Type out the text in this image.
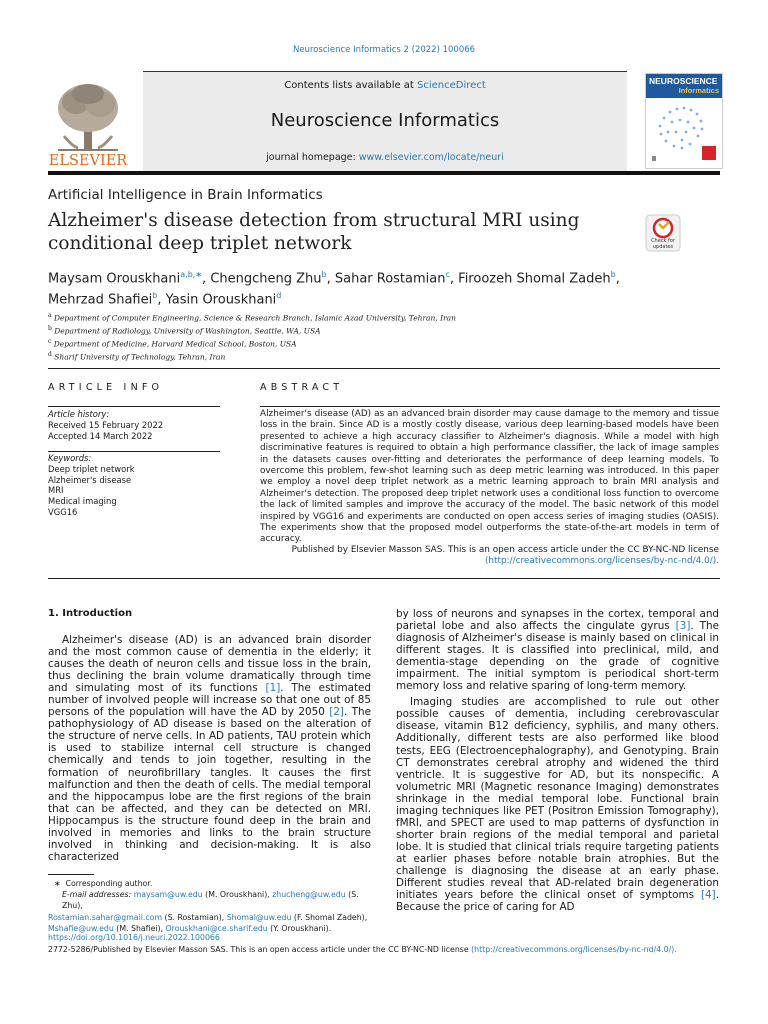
Neuroscience Informatics 2 (2022) 100066
ELSEVIER
Contents lists available at ScienceDirect
Neuroscience Informatics
journal homepage: www.elsevier.com/locate/neuri
NEUROSCIENCE
Informatics
Artificial Intelligence in Brain Informatics
Alzheimer's disease detection from structural MRI using conditional deep triplet network	Check for
updates
Maysam Orouskhani$^{a,b,∗}$, Chengcheng Zhu$^b$, Sahar Rostamian$^c$, Firoozeh Shomal Zadeh$^b$,
Mehrzad Shafiei$^b$, Yasin Orouskhani$^d$
$^a$ Department of Computer Engineering, Science & Research Branch, Islamic Azad University, Tehran, Iran
$^b$ Department of Radiology, University of Washington, Seattle, WA, USA
$^c$ Department of Medicine, Harvard Medical School, Boston, USA
$^d$ Sharif University of Technology, Tehran, Iran
ARTICLE INFO
Article history:
Received 15 February 2022
Accepted 14 March 2022
Keywords:
Deep triplet network
Alzheimer's disease
MRI
Medical imaging
VGG16
ABSTRACT
Alzheimer's disease (AD) as an advanced brain disorder may cause damage to the memory and tissue loss in the brain. Since AD is a mostly costly disease, various deep learning-based models have been presented to achieve a high accuracy classifier to Alzheimer's diagnosis. While a model with high discriminative features is required to obtain a high performance classifier, the lack of image samples in the datasets causes over-fitting and deteriorates the performance of deep learning models. To overcome this problem, few-shot learning such as deep metric learning was introduced. In this paper we employ a novel deep triplet network as a metric learning approach to brain MRI analysis and Alzheimer's detection. The proposed deep triplet network uses a conditional loss function to overcome the lack of limited samples and improve the accuracy of the model. The basic network of this model inspired by VGG16 and experiments are conducted on open access series of imaging studies (OASIS). The experiments show that the proposed model outperforms the state-of-the-art models in term of accuracy.
Published by Elsevier Masson SAS. This is an open access article under the CC BY-NC-ND license
(http://creativecommons.org/licenses/by-nc-nd/4.0/).
1. Introduction

Alzheimer's disease (AD) is an advanced brain disorder and the most common cause of dementia in the elderly; it causes the death of neuron cells and tissue loss in the brain, thus declining the brain volume dramatically through time and simulating most of its functions [1]. The estimated number of involved people will increase so that one out of 85 persons of the population will have the AD by 2050 [2]. The pathophysiology of AD disease is based on the alteration of the structure of nerve cells. In AD patients, TAU protein which is used to stabilize internal cell structure is changed chemically and tends to join together, resulting in the formation of neurofibrillary tangles. It causes the first malfunction and then the death of cells. The medial temporal and the hippocampus lobe are the first regions of the brain that can be affected, and they can be detected on MRI. Hippocampus is the structure found deep in the brain and involved in memories and links to the brain structure involved in thinking and decision-making. It is also characterized

by loss of neurons and synapses in the cortex, temporal and parietal lobe and also affects the cingulate gyrus [3]. The diagnosis of Alzheimer's disease is mainly based on clinical in different stages. It is classified into preclinical, mild, and dementia-stage depending on the grade of cognitive impairment. The initial symptom is periodical short-term memory loss and relative sparing of long-term memory.

Imaging studies are accomplished to rule out other possible causes of dementia, including cerebrovascular disease, vitamin B12 deficiency, syphilis, and many others. Additionally, different tests are also performed like blood tests, EEG (Electroencephalography), and Genotyping. Brain CT demonstrates cerebral atrophy and widened the third ventricle. It is suggestive for AD, but its nonspecific. A volumetric MRI (Magnetic resonance Imaging) demonstrates shrinkage in the medial temporal lobe. Functional brain imaging techniques like PET (Positron Emission Tomography), fMRI, and SPECT are used to map patterns of dysfunction in shorter brain regions of the medial temporal and parietal lobe. It is studied that clinical trials require targeting patients at earlier phases before notable brain atrophies. But the challenge is diagnosing the disease at an early phase. Different studies reveal that AD-related brain degeneration initiates years before the clinical onset of symptoms [4]. Because the price of caring for AD

∗ Corresponding author.
E-mail addresses: maysam@uw.edu (M. Orouskhani), zhucheng@uw.edu (S. Zhu),

Rostamian.sahar@gmail.com (S. Rostamian), Shomal@uw.edu (F. Shomal Zadeh),
Mshafie@uw.edu (M. Shafiei), Orouskhani@ce.sharif.edu (Y. Orouskhani).
https://doi.org/10.1016/j.neuri.2022.100066
2772-5286/Published by Elsevier Masson SAS. This is an open access article under the CC BY-NC-ND license (http://creativecommons.org/licenses/by-nc-nd/4.0/).
